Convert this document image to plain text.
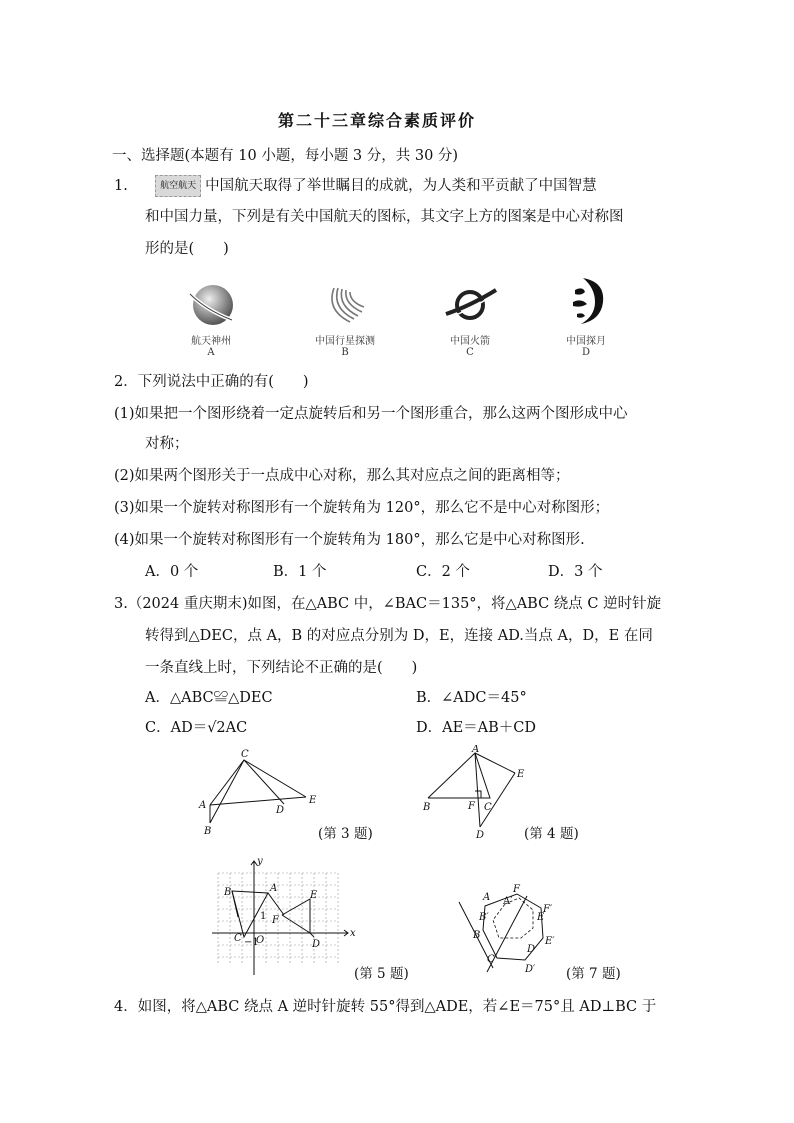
第二十三章综合素质评价
一、选择题(本题有 10 小题，每小题 3 分，共 30 分)
1.	航空航天 中国航天取得了举世瞩目的成就，为人类和平贡献了中国智慧
和中国力量，下列是有关中国航天的图标，其文字上方的图案是中心对称图
形的是(　　)
航天神州
A
中国行星探测
B
中国火箭
C
中国探月
D
2．下列说法中正确的有(　　)
(1)如果把一个图形绕着一定点旋转后和另一个图形重合，那么这两个图形成中心
对称；
(2)如果两个图形关于一点成中心对称，那么其对应点之间的距离相等；
(3)如果一个旋转对称图形有一个旋转角为 120°，那么它不是中心对称图形；
(4)如果一个旋转对称图形有一个旋转角为 180°，那么它是中心对称图形.
A．0 个	B．1 个	C．2 个	D．3 个
3.（2024 重庆期末)如图，在△ABC 中，∠BAC＝135°，将△ABC 绕点 C 逆时针旋
转得到△DEC，点 A，B 的对应点分别为 D，E，连接 AD.当点 A，D，E 在同
一条直线上时，下列结论不正确的是(　　)
A．△ABC≌△DEC	B．∠ADC＝45°
C．AD＝√2AC	D．AE＝AB＋CD
C
A
B
D
E
(第 3 题)
A
B	F C
D
E
(第 4 题)
y
x
B	A
E
F
C O	D
1
−1
(第 5 题)
A
F
F′
B′	E
B
E′
C
D
D′
A′
(第 7 题)
4．如图，将△ABC 绕点 A 逆时针旋转 55°得到△ADE，若∠E＝75°且 AD⊥BC 于
